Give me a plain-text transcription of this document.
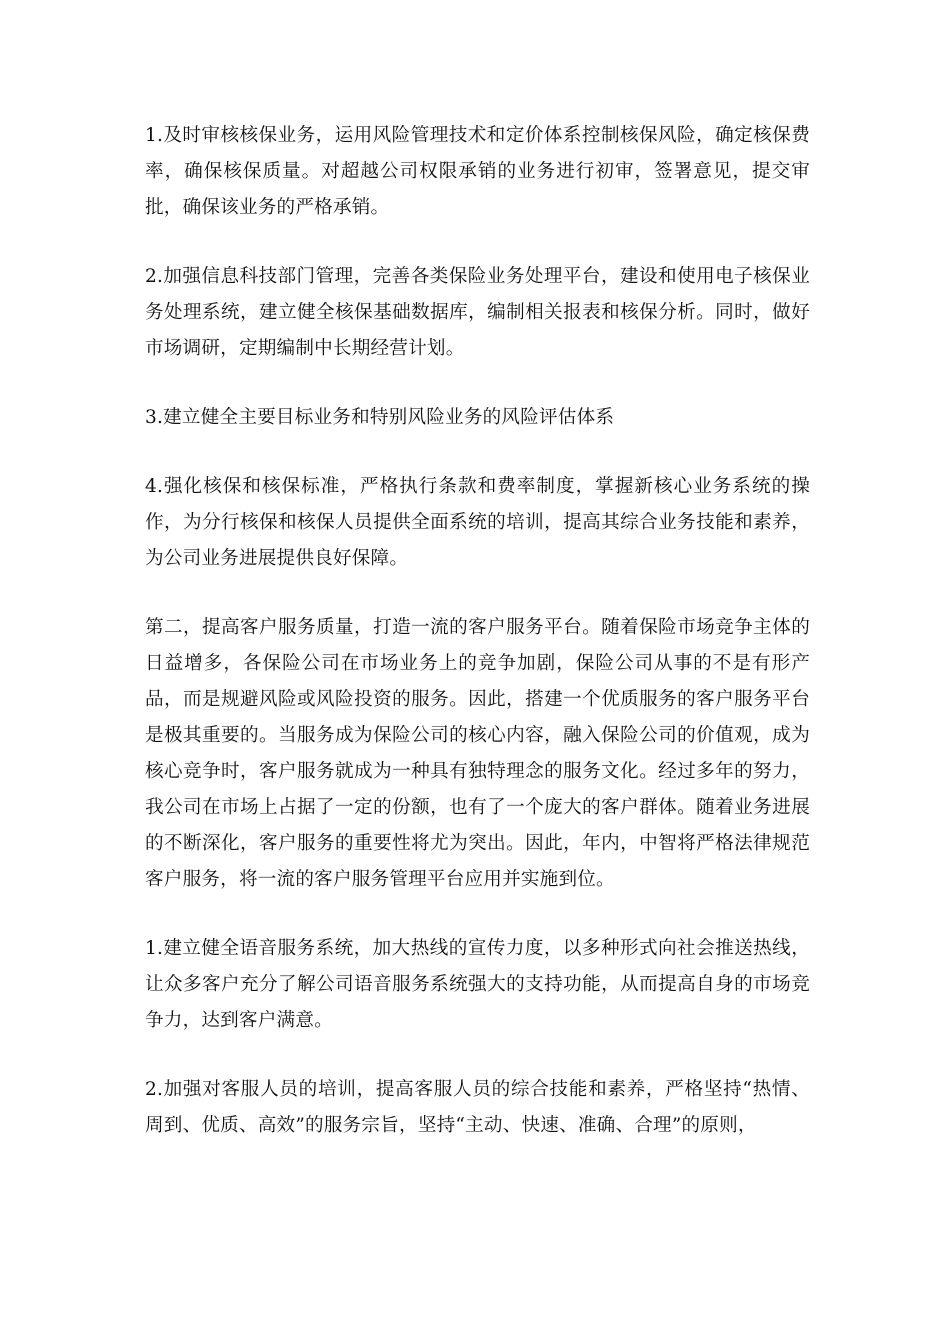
1.及时审核核保业务，运用风险管理技术和定价体系控制核保风险，确定核保费率，确保核保质量。对超越公司权限承销的业务进行初审，签署意见，提交审批，确保该业务的严格承销。

2.加强信息科技部门管理，完善各类保险业务处理平台，建设和使用电子核保业务处理系统，建立健全核保基础数据库，编制相关报表和核保分析。同时，做好市场调研，定期编制中长期经营计划。

3.建立健全主要目标业务和特别风险业务的风险评估体系

4.强化核保和核保标准，严格执行条款和费率制度，掌握新核心业务系统的操作，为分行核保和核保人员提供全面系统的培训，提高其综合业务技能和素养，为公司业务进展提供良好保障。

第二，提高客户服务质量，打造一流的客户服务平台。随着保险市场竞争主体的日益增多，各保险公司在市场业务上的竞争加剧，保险公司从事的不是有形产品，而是规避风险或风险投资的服务。因此，搭建一个优质服务的客户服务平台是极其重要的。当服务成为保险公司的核心内容，融入保险公司的价值观，成为核心竞争时，客户服务就成为一种具有独特理念的服务文化。经过多年的努力，我公司在市场上占据了一定的份额，也有了一个庞大的客户群体。随着业务进展的不断深化，客户服务的重要性将尤为突出。因此，年内，中智将严格法律规范客户服务，将一流的客户服务管理平台应用并实施到位。

1.建立健全语音服务系统，加大热线的宣传力度，以多种形式向社会推送热线，让众多客户充分了解公司语音服务系统强大的支持功能，从而提高自身的市场竞争力，达到客户满意。

2.加强对客服人员的培训，提高客服人员的综合技能和素养，严格坚持“热情、周到、优质、高效”的服务宗旨，坚持“主动、快速、准确、合理”的原则，
